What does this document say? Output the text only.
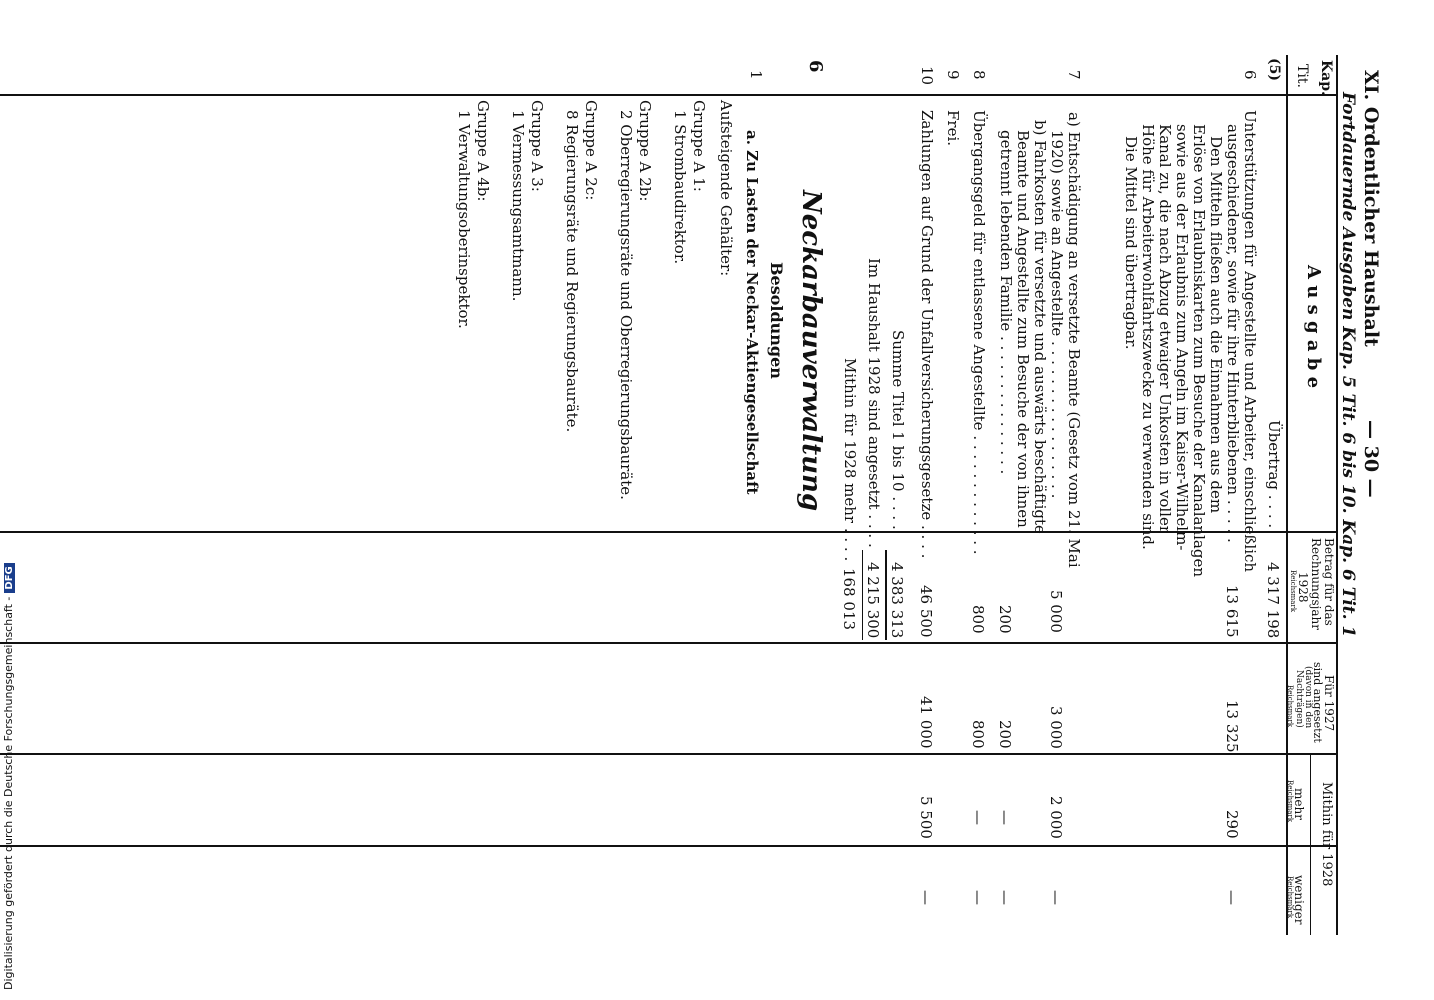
XI. Ordentlicher Haushalt
— 30 —
Fortdauernde Ausgaben Kap. 5 Tit. 6 bis 10. Kap. 6 Tit. 1
Kap.
Tit.
A u s g a b e
Betrag für das
Rechnungsjahr
1928
Reichsmark
Für 1927
sind angesetzt
(davon in den
Nachträgen)
Reichsmark
Mithin für 1928
mehr
Reichsmark
weniger
Reichsmark
(5)
Übertrag . . . .
4 317 198
6
Unterstützungen für Angestellte und Arbeiter, einschließlich
ausgeschiedener, sowie für ihre Hinterbliebenen . . . . .
Den Mitteln fließen auch die Einnahmen aus dem
Erlöse von Erlaubniskarten zum Besuche der Kanalanlagen
sowie aus der Erlaubnis zum Angeln im Kaiser-Wilhelm-
Kanal zu, die nach Abzug etwaiger Unkosten in voller
Höhe für Arbeiterwohlfahrtszwecke zu verwenden sind.
Die Mittel sind übertragbar.
13 615
13 325
290
—
7
a) Entschädigung an versetzte Beamte (Gesetz vom 21. Mai
1920) sowie an Angestellte . . . . . . . . . . . . . . . . .
5 000
3 000
2 000
—
b) Fahrkosten für versetzte und auswärts beschäftigte
Beamte und Angestellte zum Besuche der von ihnen
getrennt lebenden Familie . . . . . . . . . . . . . . .
200
200
—
—
8
Übergangsgeld für entlassene Angestellte . . . . . . . . . . . . .
800
800
—
—
9
Frei.
10
Zahlungen auf Grund der Unfallversicherungsgesetze . . . .
46 500
41 000
5 500
—
Summe Titel 1 bis 10 . . . .
4 383 313
Im Haushalt 1928 sind angesetzt . . . .
4 215 300
Mithin für 1928 mehr . . . .
168 013
6
Neckarbauverwaltung
Besoldungen
1
a. Zu Lasten der Neckar-Aktiengesellschaft
Aufsteigende Gehälter:
Gruppe A 1:
1 Strombaudirektor.
Gruppe A 2b:
2 Oberregierungsräte und Oberregierungsbauräte.
Gruppe A 2c:
8 Regierungsräte und Regierungsbauräte.
Gruppe A 3:
1 Vermessungsamtmann.
Gruppe A 4b:
1 Verwaltungsoberinspektor.
Digitalisierung gefördert durch die Deutsche Forschungsgemeinschaft -DFG
